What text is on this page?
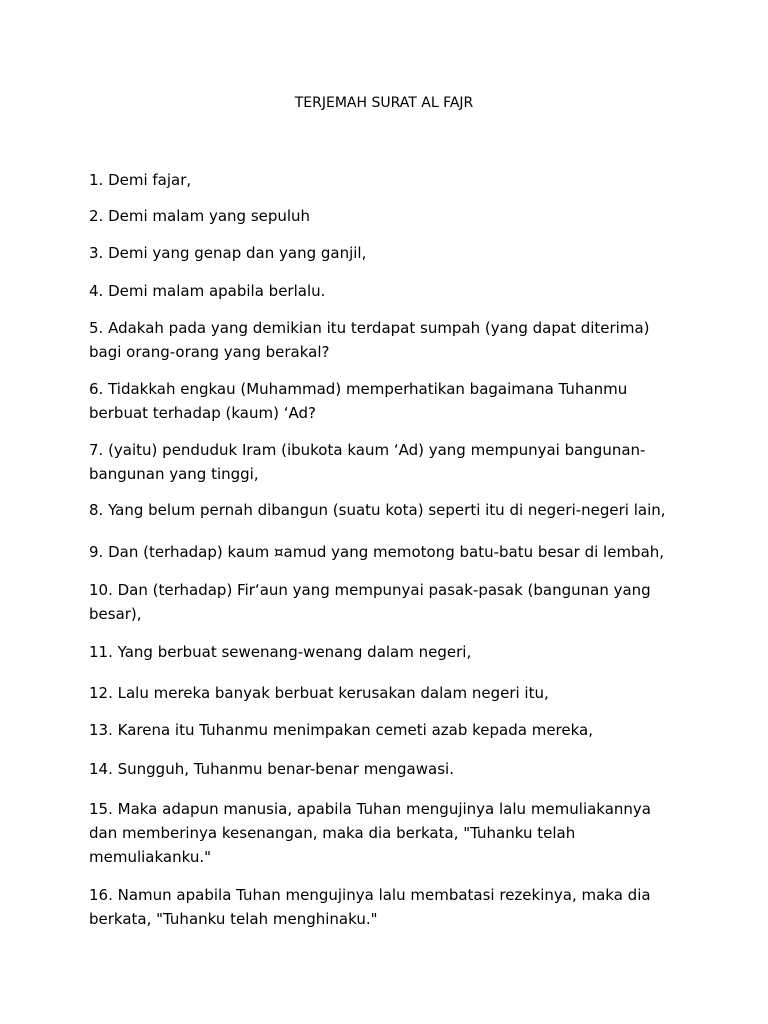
TERJEMAH SURAT AL FAJR
1. Demi fajar,
2. Demi malam yang sepuluh
3. Demi yang genap dan yang ganjil,
4. Demi malam apabila berlalu.
5. Adakah pada yang demikian itu terdapat sumpah (yang dapat diterima)
bagi orang-orang yang berakal?
6. Tidakkah engkau (Muhammad) memperhatikan bagaimana Tuhanmu
berbuat terhadap (kaum) ‘Ad?
7. (yaitu) penduduk Iram (ibukota kaum ‘Ad) yang mempunyai bangunan-
bangunan yang tinggi,
8. Yang belum pernah dibangun (suatu kota) seperti itu di negeri-negeri lain,
9. Dan (terhadap) kaum ¤amud yang memotong batu-batu besar di lembah,
10. Dan (terhadap) Fir‘aun yang mempunyai pasak-pasak (bangunan yang
besar),
11. Yang berbuat sewenang-wenang dalam negeri,
12. Lalu mereka banyak berbuat kerusakan dalam negeri itu,
13. Karena itu Tuhanmu menimpakan cemeti azab kepada mereka,
14. Sungguh, Tuhanmu benar-benar mengawasi.
15. Maka adapun manusia, apabila Tuhan mengujinya lalu memuliakannya
dan memberinya kesenangan, maka dia berkata, "Tuhanku telah
memuliakanku."
16. Namun apabila Tuhan mengujinya lalu membatasi rezekinya, maka dia
berkata, "Tuhanku telah menghinaku."
